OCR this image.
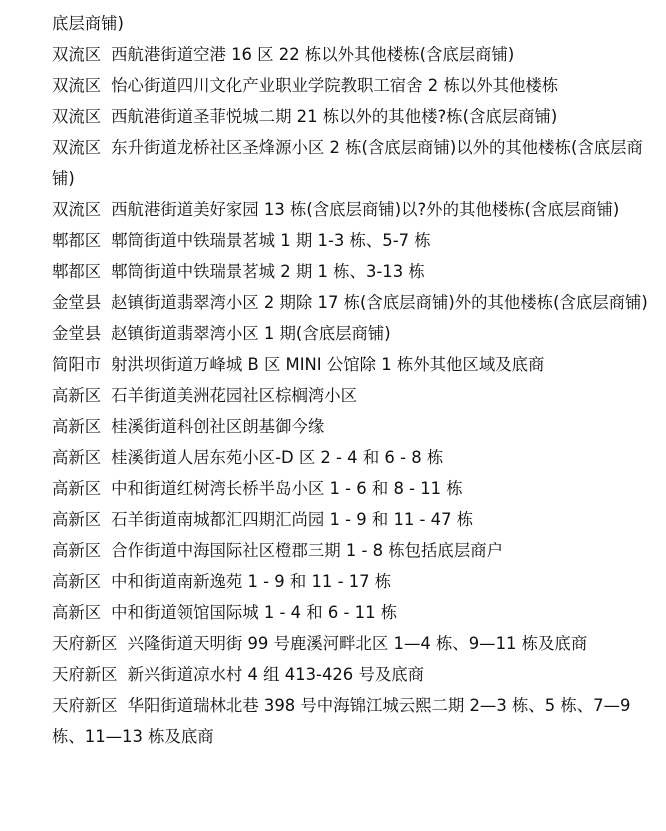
底层商铺)

双流区 西航港街道空港 16 区 22 栋以外其他楼栋(含底层商铺)

双流区 怡心街道四川文化产业职业学院教职工宿舍 2 栋以外其他楼栋

双流区 西航港街道圣菲悦城二期 21 栋以外的其他楼?栋(含底层商铺)

双流区 东升街道龙桥社区圣烽源小区 2 栋(含底层商铺)以外的其他楼栋(含底层商铺)

双流区 西航港街道美好家园 13 栋(含底层商铺)以?外的其他楼栋(含底层商铺)

郫都区 郫筒街道中铁瑞景茗城 1 期 1-3 栋、5-7 栋

郫都区 郫筒街道中铁瑞景茗城 2 期 1 栋、3-13 栋

金堂县 赵镇街道翡翠湾小区 2 期除 17 栋(含底层商铺)外的其他楼栋(含底层商铺)

金堂县 赵镇街道翡翠湾小区 1 期(含底层商铺)

简阳市 射洪坝街道万峰城 B 区 MINI 公馆除 1 栋外其他区域及底商

高新区 石羊街道美洲花园社区棕榈湾小区

高新区 桂溪街道科创社区朗基御今缘

高新区 桂溪街道人居东苑小区-D 区 2 - 4 和 6 - 8 栋

高新区 中和街道红树湾长桥半岛小区 1 - 6 和 8 - 11 栋

高新区 石羊街道南城都汇四期汇尚园 1 - 9 和 11 - 47 栋

高新区 合作街道中海国际社区橙郡三期 1 - 8 栋包括底层商户

高新区 中和街道南新逸苑 1 - 9 和 11 - 17 栋

高新区 中和街道领馆国际城 1 - 4 和 6 - 11 栋

天府新区 兴隆街道天明街 99 号鹿溪河畔北区 1—4 栋、9—11 栋及底商

天府新区 新兴街道凉水村 4 组 413-426 号及底商

天府新区 华阳街道瑞林北巷 398 号中海锦江城云熙二期 2—3 栋、5 栋、7—9 栋、11—13 栋及底商
